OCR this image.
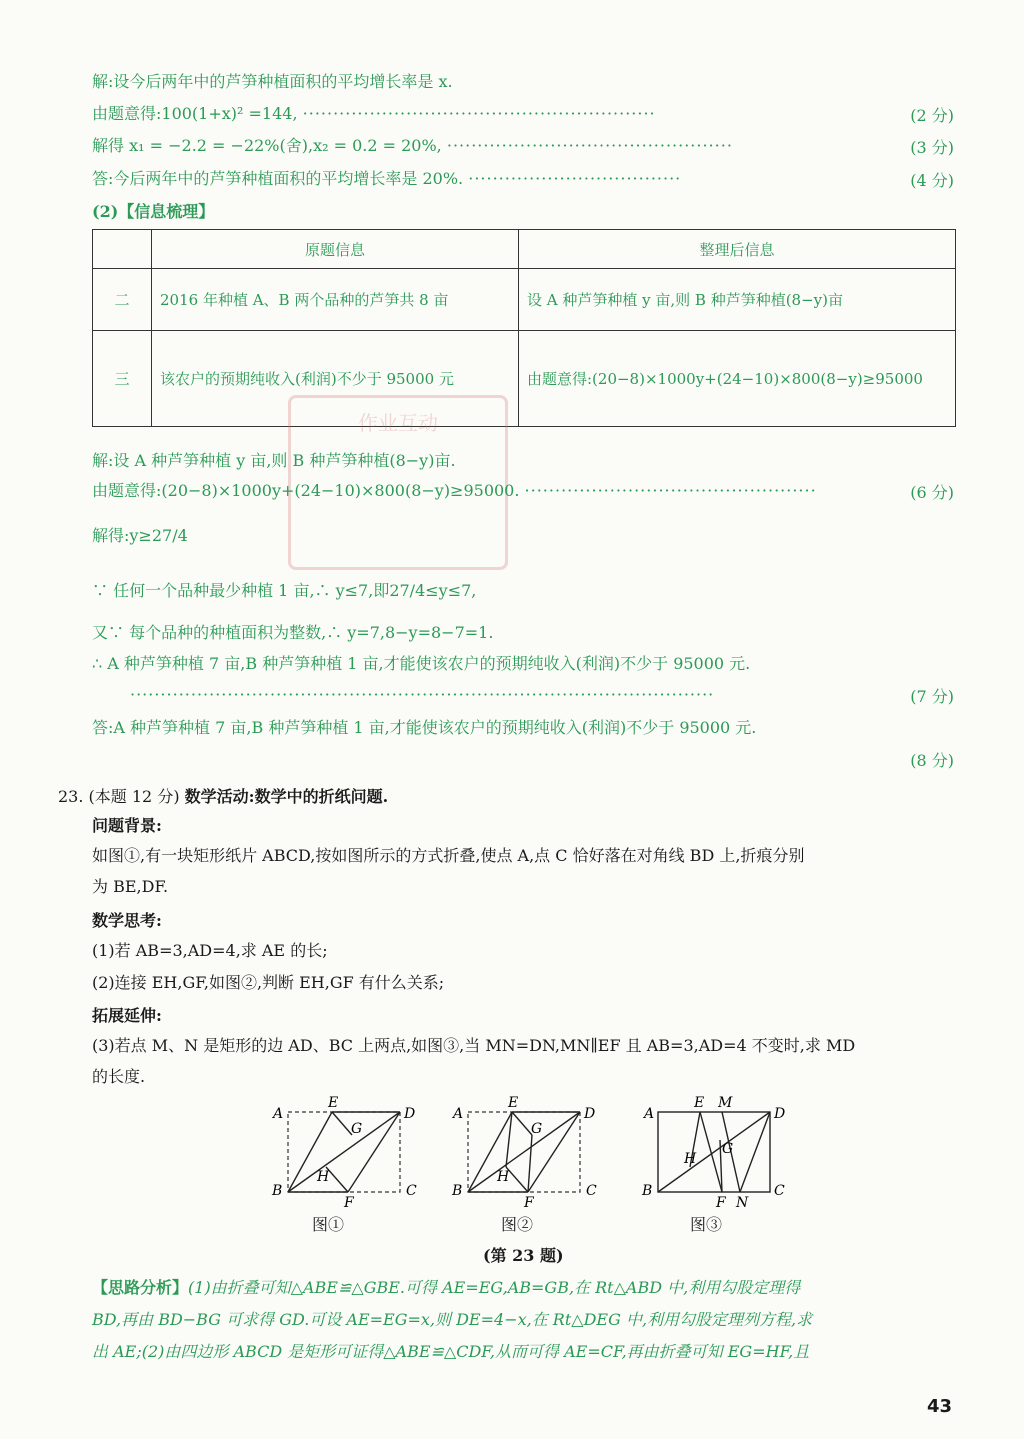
解:设今后两年中的芦笋种植面积的平均增长率是 x.
由题意得:100(1+x)² =144, ··························································	(2 分)
解得 x₁ = −2.2 = −22%(舍),x₂ = 0.2 = 20%, ···············································	(3 分)
答:今后两年中的芦笋种植面积的平均增长率是 20%. ···································	(4 分)
(2)【信息梳理】
	原题信息	整理后信息
二	2016 年种植 A、B 两个品种的芦笋共 8 亩	设 A 种芦笋种植 y 亩,则 B 种芦笋种植(8−y)亩
三	该农户的预期纯收入(利润)不少于 95000 元	由题意得:(20−8)×1000y+(24−10)×800(8−y)≥95000
作业互动
解:设 A 种芦笋种植 y 亩,则 B 种芦笋种植(8−y)亩.
由题意得:(20−8)×1000y+(24−10)×800(8−y)≥95000. ················································	(6 分)
解得:y≥27/4
∵ 任何一个品种最少种植 1 亩,∴ y≤7,即27/4≤y≤7,
又∵ 每个品种的种植面积为整数,∴ y=7,8−y=8−7=1.
∴ A 种芦笋种植 7 亩,B 种芦笋种植 1 亩,才能使该农户的预期纯收入(利润)不少于 95000 元.
································································································	(7 分)
答:A 种芦笋种植 7 亩,B 种芦笋种植 1 亩,才能使该农户的预期纯收入(利润)不少于 95000 元.
(8 分)
23. (本题 12 分) 数学活动:数学中的折纸问题.
问题背景:
如图①,有一块矩形纸片 ABCD,按如图所示的方式折叠,使点 A,点 C 恰好落在对角线 BD 上,折痕分别
为 BE,DF.
数学思考:
(1)若 AB=3,AD=4,求 AE 的长;
(2)连接 EH,GF,如图②,判断 EH,GF 有什么关系;
拓展延伸:
(3)若点 M、N 是矩形的边 AD、BC 上两点,如图③,当 MN=DN,MN∥EF 且 AB=3,AD=4 不变时,求 MD
的长度.
A
E
D
G
H
B
F
C
A
E
D
G
H
B
F
C
A
E M
D
G
H
B
F N
C
图①	图②	图③
(第 23 题)
【思路分析】(1)由折叠可知△ABE≌△GBE.可得 AE=EG,AB=GB,在 Rt△ABD 中,利用勾股定理得
BD,再由 BD−BG 可求得 GD.可设 AE=EG=x,则 DE=4−x,在 Rt△DEG 中,利用勾股定理列方程,求
出 AE;(2)由四边形 ABCD 是矩形可证得△ABE≌△CDF,从而可得 AE=CF,再由折叠可知 EG=HF,且
43
